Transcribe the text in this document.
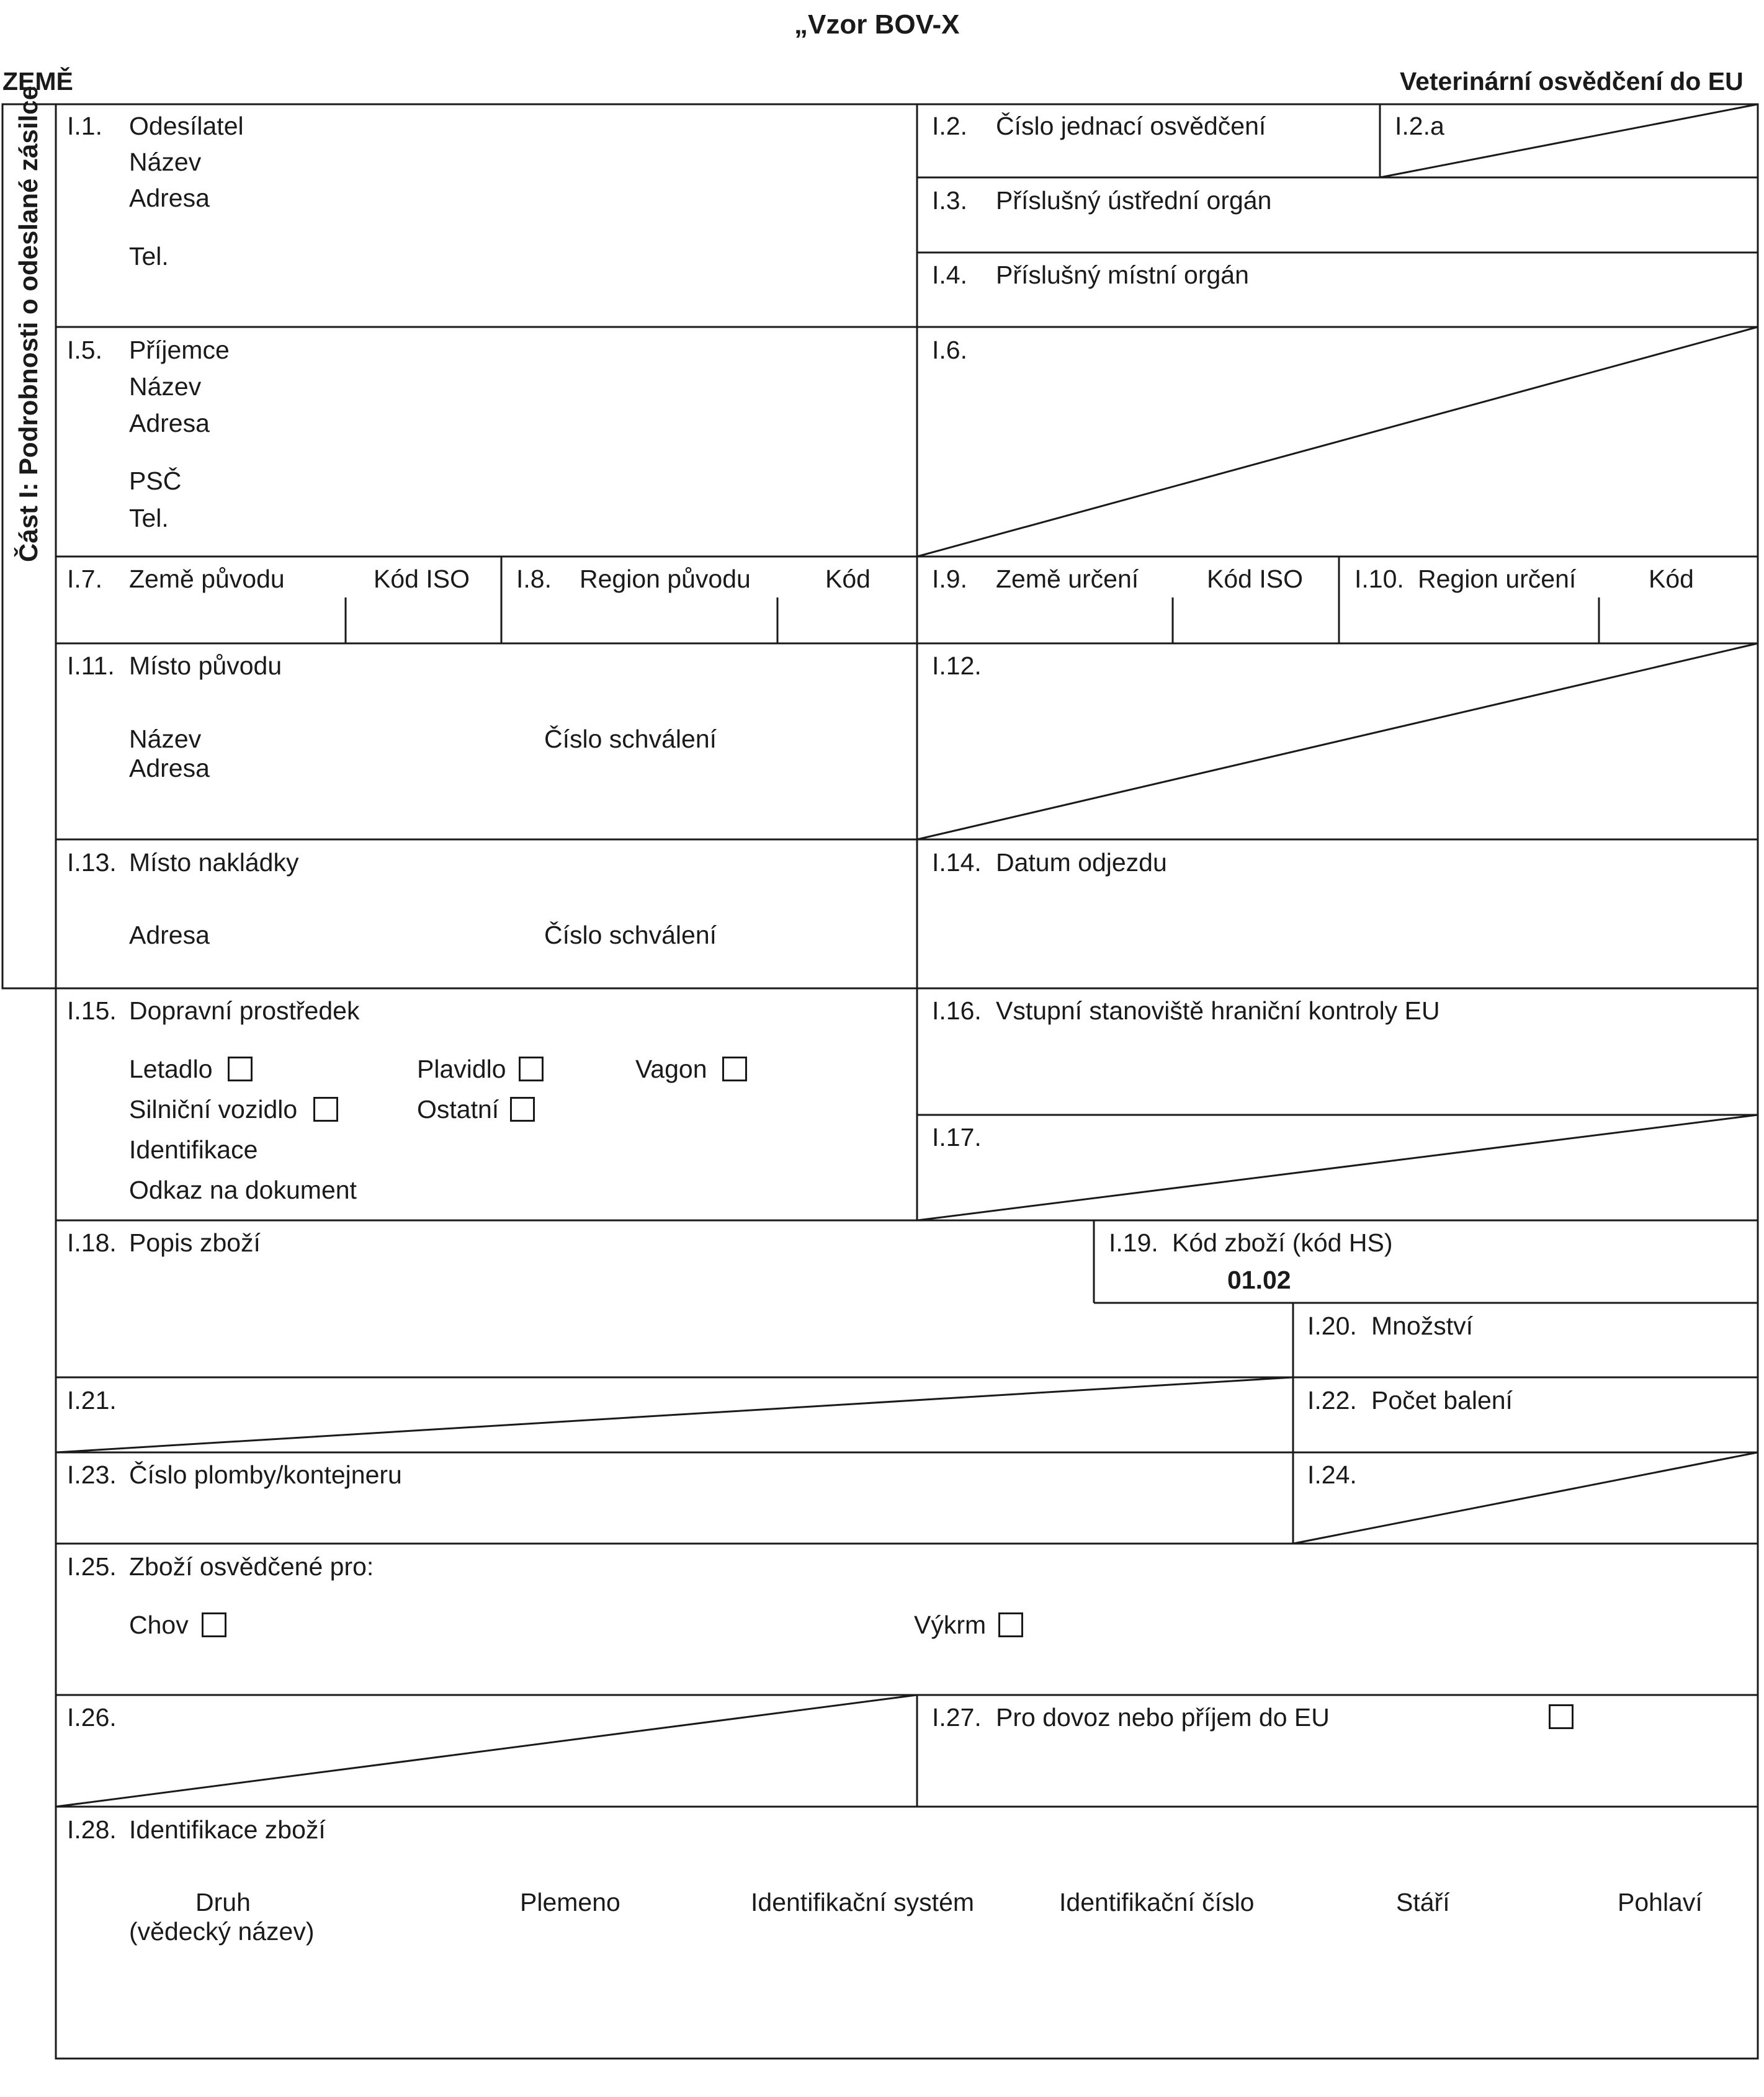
„Vzor BOV-X
ZEMĚ	Veterinární osvědčení do EU
Část I: Podrobnosti o odeslané zásilce I.1. Odesílatel
Název
Adresa
Tel.
I.2. Číslo jednací osvědčení	I.2.a
I.3. Příslušný ústřední orgán
I.4. Příslušný místní orgán
I.5. Příjemce
Název
Adresa
PSČ
Tel.
I.6.
I.7. Země původu	Kód ISO I.8. Region původu	Kód I.9. Země určení	Kód ISO I.10. Region určení	Kód
I.11. Místo původu
Název	Číslo schválení
Adresa
I.12.
I.13. Místo nakládky
Adresa	Číslo schválení
I.14. Datum odjezdu
I.15. Dopravní prostředek
Letadlo	Plavidlo	Vagon
Silniční vozidlo	Ostatní
Identifikace
Odkaz na dokument
I.16. Vstupní stanoviště hraniční kontroly EU
I.17.
I.18. Popis zboží	I.19. Kód zboží (kód HS)
01.02
I.20. Množství
I.21.	I.22. Počet balení
I.23. Číslo plomby/kontejneru	I.24.
I.25. Zboží osvědčené pro:
Chov	Výkrm
I.26.	I.27. Pro dovoz nebo příjem do EU
I.28. Identifikace zboží
Druh
(vědecký název)
Plemeno	Identifikační systém	Identifikační číslo	Stáří	Pohlaví
